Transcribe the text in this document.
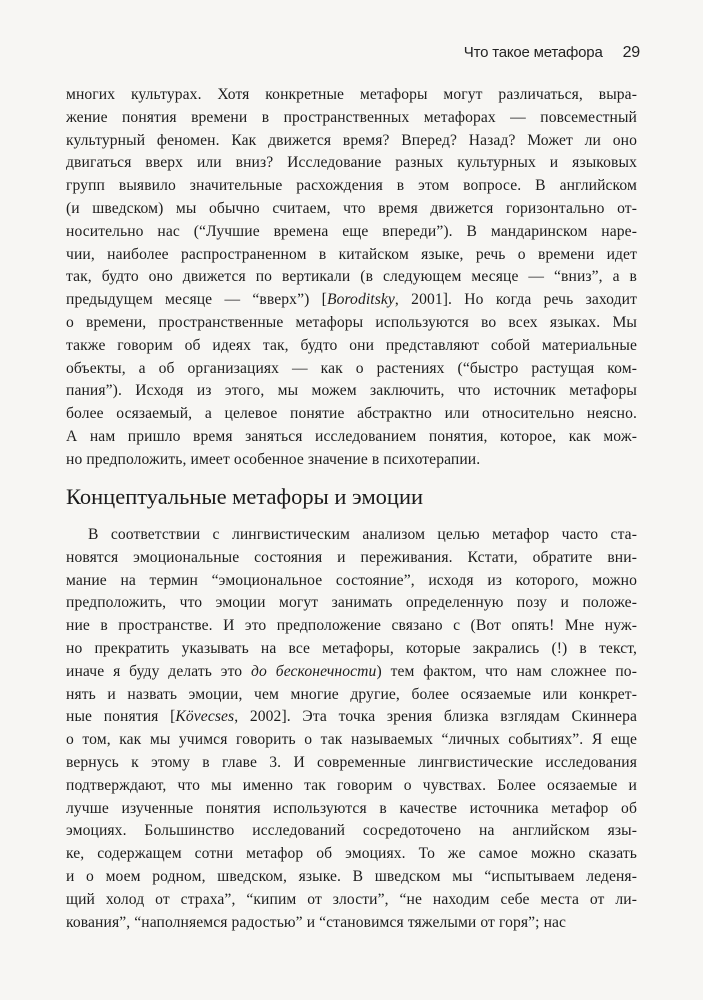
Что такое метафора 29
многих культурах. Хотя конкретные метафоры могут различаться, выра-
жение понятия времени в пространственных метафорах — повсеместный
культурный феномен. Как движется время? Вперед? Назад? Может ли оно
двигаться вверх или вниз? Исследование разных культурных и языковых
групп выявило значительные расхождения в этом вопросе. В английском
(и шведском) мы обычно считаем, что время движется горизонтально от-
носительно нас (“Лучшие времена еще впереди”). В мандаринском наре-
чии, наиболее распространенном в китайском языке, речь о времени идет
так, будто оно движется по вертикали (в следующем месяце — “вниз”, а в
предыдущем месяце — “вверх”) [Boroditsky, 2001]. Но когда речь заходит
о времени, пространственные метафоры используются во всех языках. Мы
также говорим об идеях так, будто они представляют собой материальные
объекты, а об организациях — как о растениях (“быстро растущая ком-
пания”). Исходя из этого, мы можем заключить, что источник метафоры
более осязаемый, а целевое понятие абстрактно или относительно неясно.
А нам пришло время заняться исследованием понятия, которое, как мож-
но предположить, имеет особенное значение в психотерапии.
Концептуальные метафоры и эмоции
В соответствии с лингвистическим анализом целью метафор часто ста-
новятся эмоциональные состояния и переживания. Кстати, обратите вни-
мание на термин “эмоциональное состояние”, исходя из которого, можно
предположить, что эмоции могут занимать определенную позу и положе-
ние в пространстве. И это предположение связано с (Вот опять! Мне нуж-
но прекратить указывать на все метафоры, которые закрались (!) в текст,
иначе я буду делать это до бесконечности) тем фактом, что нам сложнее по-
нять и назвать эмоции, чем многие другие, более осязаемые или конкрет-
ные понятия [Kövecses, 2002]. Эта точка зрения близка взглядам Скиннера
о том, как мы учимся говорить о так называемых “личных событиях”. Я еще
вернусь к этому в главе 3. И современные лингвистические исследования
подтверждают, что мы именно так говорим о чувствах. Более осязаемые и
лучше изученные понятия используются в качестве источника метафор об
эмоциях. Большинство исследований сосредоточено на английском язы-
ке, содержащем сотни метафор об эмоциях. То же самое можно сказать
и о моем родном, шведском, языке. В шведском мы “испытываем леденя-
щий холод от страха”, “кипим от злости”, “не находим себе места от ли-
кования”, “наполняемся радостью” и “становимся тяжелыми от горя”; нас
